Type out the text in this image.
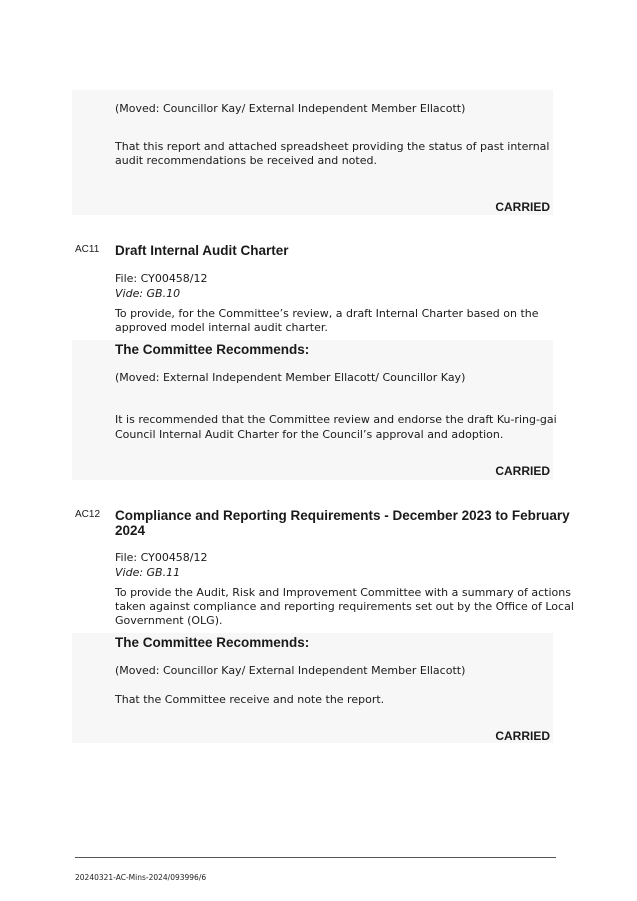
(Moved: Councillor Kay/ External Independent Member Ellacott)
That this report and attached spreadsheet providing the status of past internal
audit recommendations be received and noted.
CARRIED
AC11 Draft Internal Audit Charter
File: CY00458/12
Vide: GB.10
To provide, for the Committee’s review, a draft Internal Charter based on the
approved model internal audit charter.
The Committee Recommends:
(Moved: External Independent Member Ellacott/ Councillor Kay)
It is recommended that the Committee review and endorse the draft Ku-ring-gai
Council Internal Audit Charter for the Council’s approval and adoption.
CARRIED
AC12 Compliance and Reporting Requirements - December 2023 to February
2024
File: CY00458/12
Vide: GB.11
To provide the Audit, Risk and Improvement Committee with a summary of actions
taken against compliance and reporting requirements set out by the Office of Local
Government (OLG).
The Committee Recommends:
(Moved: Councillor Kay/ External Independent Member Ellacott)
That the Committee receive and note the report.
CARRIED
20240321-AC-Mins-2024/093996/6
